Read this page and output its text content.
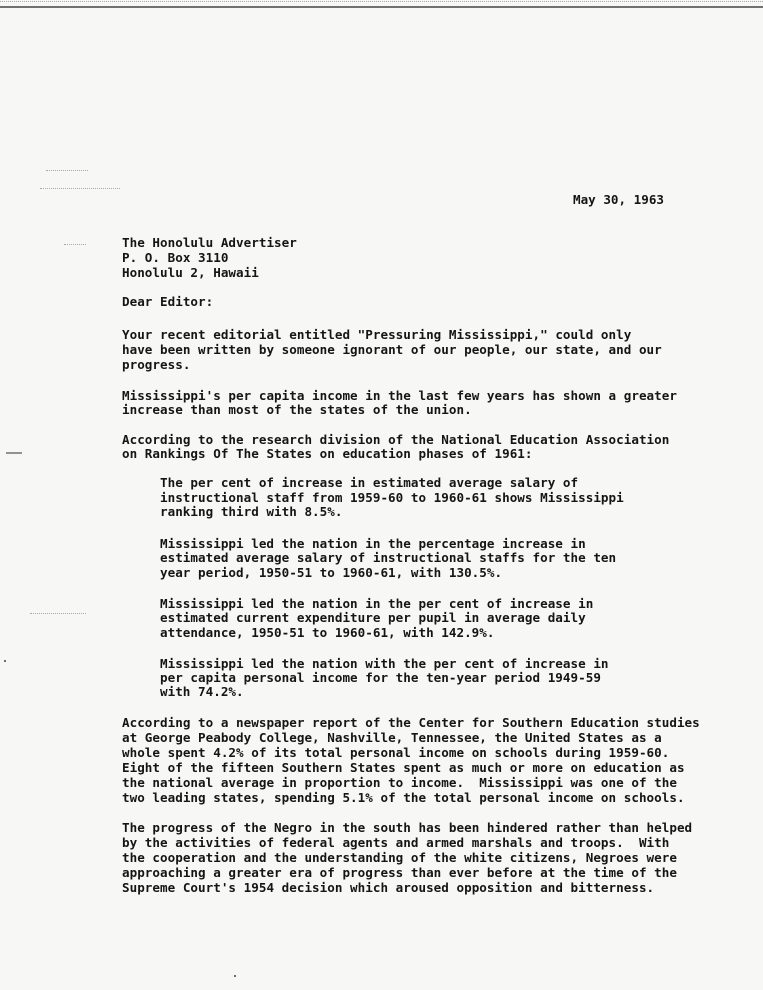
May 30, 1963
The Honolulu Advertiser
P. O. Box 3110
Honolulu 2, Hawaii
Dear Editor:
Your recent editorial entitled "Pressuring Mississippi," could only
have been written by someone ignorant of our people, our state, and our
progress.
Mississippi's per capita income in the last few years has shown a greater
increase than most of the states of the union.
According to the research division of the National Education Association
on Rankings Of The States on education phases of 1961:
The per cent of increase in estimated average salary of
instructional staff from 1959-60 to 1960-61 shows Mississippi
ranking third with 8.5%.
Mississippi led the nation in the percentage increase in
estimated average salary of instructional staffs for the ten
year period, 1950-51 to 1960-61, with 130.5%.
Mississippi led the nation in the per cent of increase in
estimated current expenditure per pupil in average daily
attendance, 1950-51 to 1960-61, with 142.9%.
Mississippi led the nation with the per cent of increase in
per capita personal income for the ten-year period 1949-59
with 74.2%.
According to a newspaper report of the Center for Southern Education studies
at George Peabody College, Nashville, Tennessee, the United States as a
whole spent 4.2% of its total personal income on schools during 1959-60.
Eight of the fifteen Southern States spent as much or more on education as
the national average in proportion to income.  Mississippi was one of the
two leading states, spending 5.1% of the total personal income on schools.
The progress of the Negro in the south has been hindered rather than helped
by the activities of federal agents and armed marshals and troops.  With
the cooperation and the understanding of the white citizens, Negroes were
approaching a greater era of progress than ever before at the time of the
Supreme Court's 1954 decision which aroused opposition and bitterness.
